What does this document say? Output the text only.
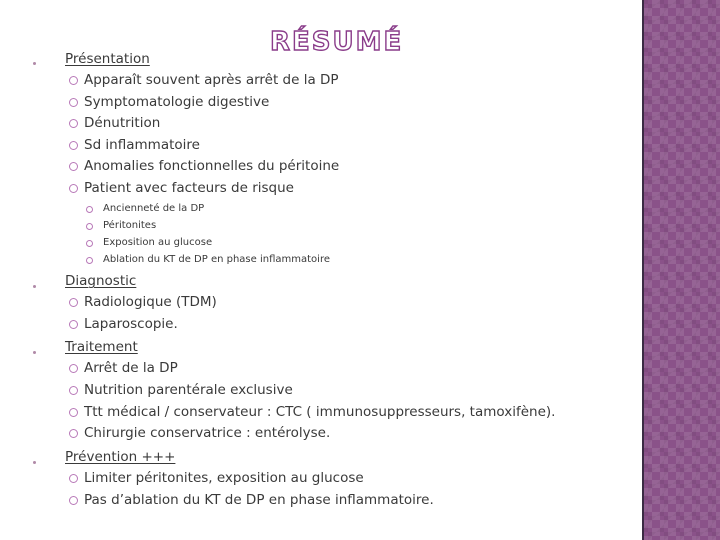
RÉSUMÉ
Présentation
Apparaît souvent après arrêt de la DP
Symptomatologie digestive
Dénutrition
Sd inflammatoire
Anomalies fonctionnelles du péritoine
Patient avec facteurs de risque
Ancienneté de la DP
Péritonites
Exposition au glucose
Ablation du KT de DP en phase inflammatoire
Diagnostic
Radiologique (TDM)
Laparoscopie.
Traitement
Arrêt de la DP
Nutrition parentérale exclusive
Ttt médical / conservateur : CTC ( immunosuppresseurs, tamoxifène).
Chirurgie conservatrice : entérolyse.
Prévention +++
Limiter péritonites, exposition au glucose
Pas d’ablation du KT de DP en phase inflammatoire.
